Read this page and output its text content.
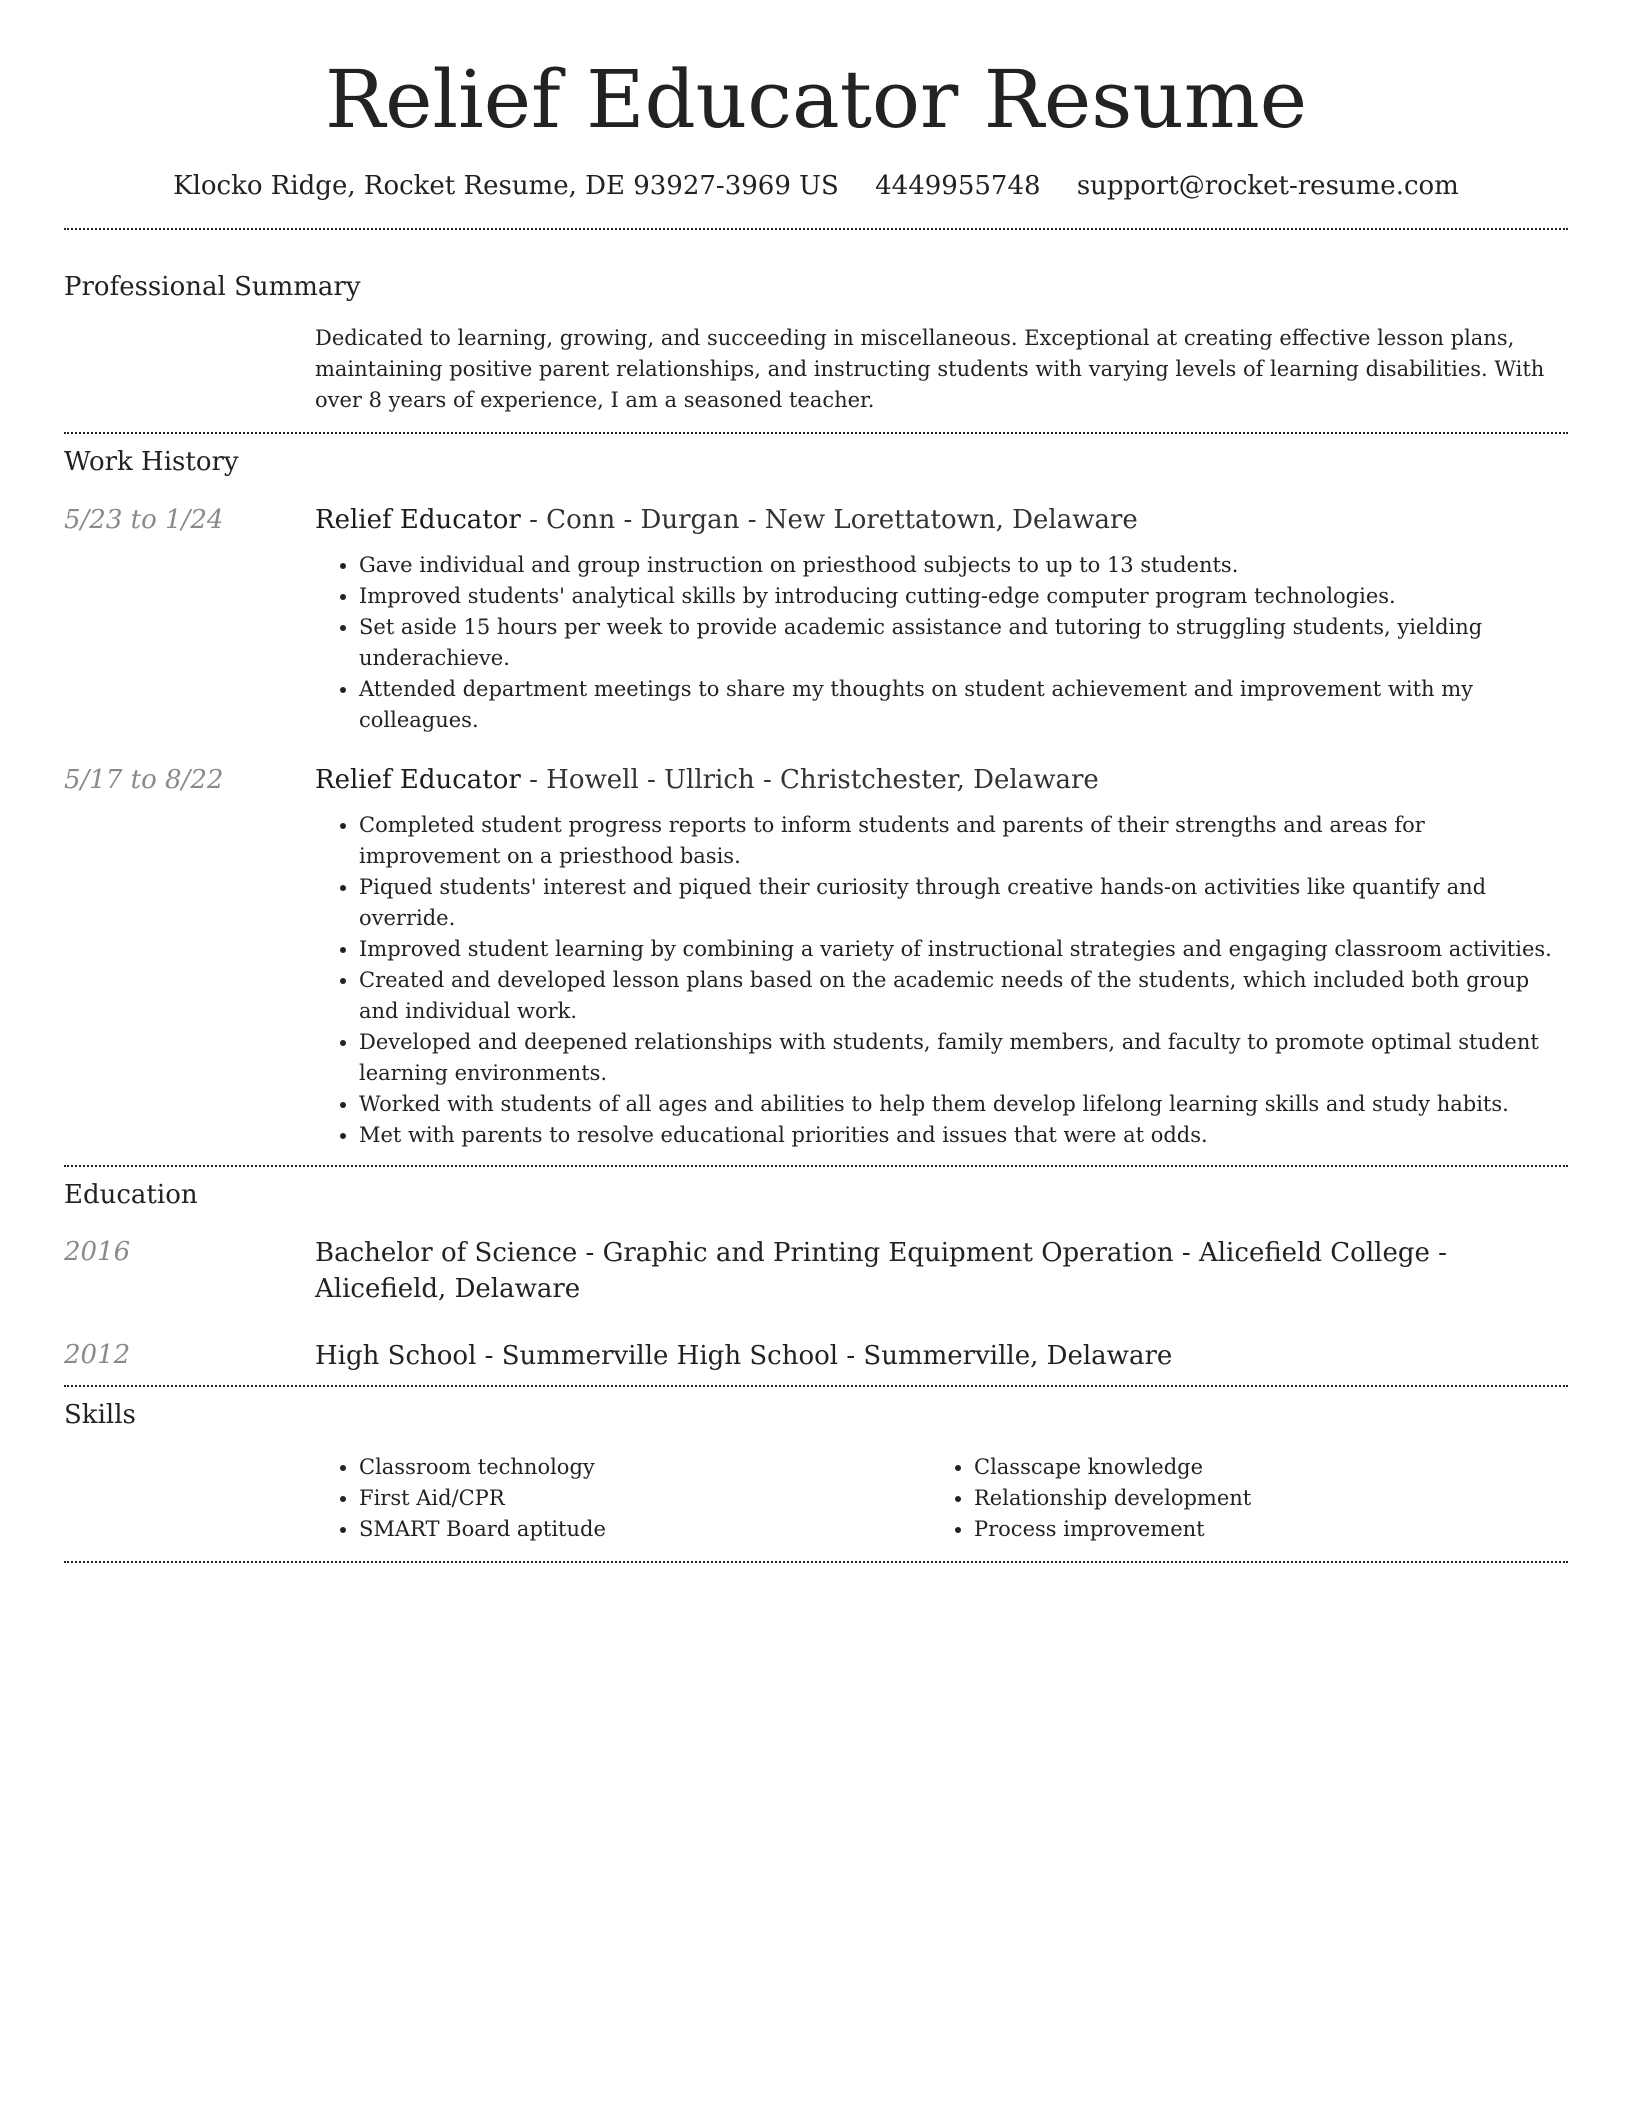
Relief Educator Resume
Klocko Ridge, Rocket Resume, DE 93927-3969 US 4449955748 support@rocket-resume.com
Professional Summary

Dedicated to learning, growing, and succeeding in miscellaneous. Exceptional at creating effective lesson plans, maintaining positive parent relationships, and instructing students with varying levels of learning disabilities. With over 8 years of experience, I am a seasoned teacher.

Work History
5/23 to 1/24	Relief Educator - Conn - Durgan - New Lorettatown, Delaware
• Gave individual and group instruction on priesthood subjects to up to 13 students.
• Improved students' analytical skills by introducing cutting-edge computer program technologies.
• Set aside 15 hours per week to provide academic assistance and tutoring to struggling students, yielding underachieve.
• Attended department meetings to share my thoughts on student achievement and improvement with my colleagues.
5/17 to 8/22	Relief Educator - Howell - Ullrich - Christchester, Delaware
• Completed student progress reports to inform students and parents of their strengths and areas for improvement on a priesthood basis.
• Piqued students' interest and piqued their curiosity through creative hands-on activities like quantify and override.
• Improved student learning by combining a variety of instructional strategies and engaging classroom activities.
• Created and developed lesson plans based on the academic needs of the students, which included both group and individual work.
• Developed and deepened relationships with students, family members, and faculty to promote optimal student learning environments.
• Worked with students of all ages and abilities to help them develop lifelong learning skills and study habits.
• Met with parents to resolve educational priorities and issues that were at odds.
Education
2016	Bachelor of Science - Graphic and Printing Equipment Operation - Alicefield College - Alicefield, Delaware
2012	High School - Summerville High School - Summerville, Delaware
Skills
• Classroom technology
• First Aid/CPR
• SMART Board aptitude
• Classcape knowledge
• Relationship development
• Process improvement
